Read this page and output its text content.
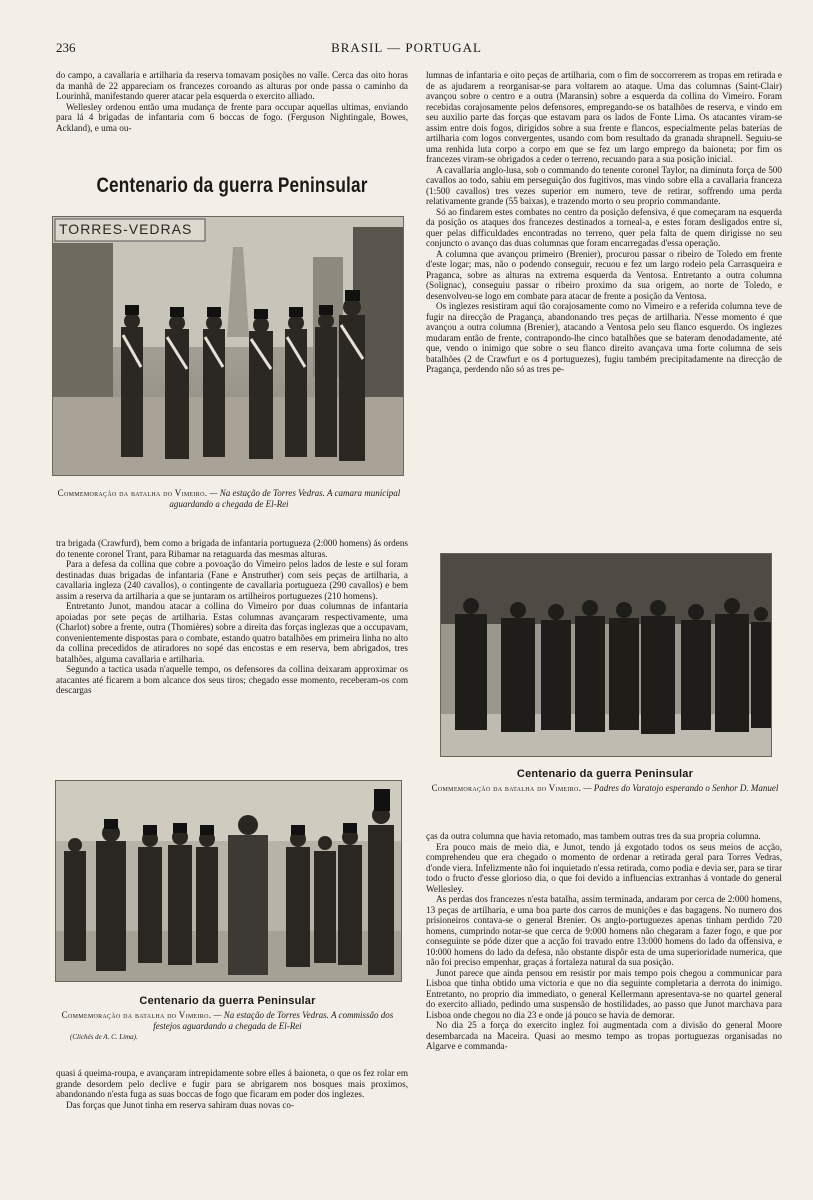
236	BRASIL — PORTUGAL

do campo, a cavallaria e artilharia da reserva tomavam posições no valle. Cerca das oito horas da manhã de 22 appareciam os francezes coroando as alturas por onde passa o caminho da Lourinhã, manifestando querer atacar pela esquerda o exercito alliado.

Wellesley ordenou então uma mudança de frente para occupar aquellas ultimas, enviando para lá 4 brigadas de infantaria com 6 boccas de fogo. (Ferguson Nightingale, Bowes, Ackland), e uma ou-

Centenario da guerra Peninsular
TORRES-VEDRAS
Commemoração da batalha do Vimeiro. — Na estação de Torres Vedras. A camara municipal aguardando a chegada de El-Rei

tra brigada (Crawfurd), bem como a brigada de infantaria portugueza (2:000 homens) ás ordens do tenente coronel Trant, para Ribamar na retaguarda das mesmas alturas.

Para a defesa da collina que cobre a povoação do Vimeiro pelos lados de leste e sul foram destinadas duas brigadas de infantaria (Fane e Anstruther) com seis peças de artilharia, a cavallaria ingleza (240 cavallos), o contingente de cavallaria portugueza (290 cavallos) e bem assim a reserva da artilharia a que se juntaram os artilheiros portuguezes (210 homens).

Entretanto Junot, mandou atacar a collina do Vimeiro por duas columnas de infantaria apoiadas por sete peças de artilharia. Estas columnas avançaram respectivamente, uma (Charlot) sobre a frente, outra (Thomières) sobre a direita das forças inglezas que a occupavam, convenientemente dispostas para o combate, estando quatro batalhões em primeira linha no alto da collina precedidos de atiradores no sopé das encostas e em reserva, bem abrigados, tres batalhões, alguma cavallaria e artilharia.

Segundo a tactica usada n'aquelle tempo, os defensores da collina deixaram approximar os atacantes até ficarem a bom alcance dos seus tiros; chegado esse momento, receberam-os com descargas

Centenario da guerra Peninsular
Commemoração da batalha do Vimeiro. — Na estação de Torres Vedras. A commissão dos festejos aguardando a chegada de El-Rei
(Clichés de A. C. Lima).

quasi á queima-roupa, e avançaram intrepidamente sobre elles á baioneta, o que os fez rolar em grande desordem pelo declive e fugir para se abrigarem nos bosques mais proximos, abandonando n'esta fuga as suas boccas de fogo que ficaram em poder dos inglezes.

Das forças que Junot tinha em reserva sahiram duas novas co-

lumnas de infantaria e oito peças de artilharia, com o fim de soccorrerem as tropas em retirada e de as ajudarem a reorganisar-se para voltarem ao ataque. Uma das columnas (Saint-Clair) avançou sobre o centro e a outra (Maransin) sobre a esquerda da collina do Vimeiro. Foram recebidas corajosamente pelos defensores, empregando-se os batalhões de reserva, e vindo em seu auxilio parte das forças que estavam para os lados de Fonte Lima. Os atacantes viram-se assim entre dois fogos, dirigidos sobre a sua frente e flancos, especialmente pelas baterias de artilharia com logos convergentes, usando com bom resultado da granada shrapnell. Seguiu-se uma renhida luta corpo a corpo em que se fez um largo emprego da baioneta; por fim os francezes viram-se obrigados a ceder o terreno, recuando para a sua posição inicial.

A cavallaria anglo-lusa, sob o commando do tenente coronel Taylor, na diminuta força de 500 cavallos ao todo, sahiu em perseguição dos fugitivos, mas vindo sobre ella a cavallaria franceza (1:500 cavallos) tres vezes superior em numero, teve de retirar, soffrendo uma perda relativamente grande (55 baixas), e trazendo morto o seu proprio commandante.

Só ao findarem estes combates no centro da posição defensiva, é que começaram na esquerda da posição os ataques dos francezes destinados a torneal-a, e estes foram desligados entre si, quer pelas difficuldades encontradas no terreno, quer pela falta de quem dirigisse no seu conjuncto o avanço das duas columnas que foram encarregadas d'essa operação.

A columna que avançou primeiro (Brenier), procurou passar o ribeiro de Toledo em frente d'este logar; mas, não o podendo conseguir, recuou e fez um largo rodeio pela Carrasqueira e Praganca, sobre as alturas na extrema esquerda da Ventosa. Entretanto a outra columna (Solignac), conseguiu passar o ribeiro proximo da sua origem, ao norte de Toledo, e desenvolveu-se logo em combate para atacar de frente a posição da Ventosa.

Os inglezes resistiram aqui tão corajosamente como no Vimeiro e a referida columna teve de fugir na direcção de Pragança, abandonando tres peças de artilharia. N'esse momento é que avançou a outra columna (Brenier), atacando a Ventosa pelo seu flanco esquerdo. Os inglezes mudaram então de frente, contrapondo-lhe cinco batalhões que se bateram denodadamente, até que, vendo o inimigo que sobre o seu flanco direito avançava uma forte columna de seis batalhões (2 de Crawfurt e os 4 portuguezes), fugiu também precipitadamente na direcção de Pragança, perdendo não só as tres pe-

Centenario da guerra Peninsular
Commemoração da batalha do Vimeiro. — Padres do Varatojo esperando o Senhor D. Manuel

ças da outra columna que havia retomado, mas tambem outras tres da sua propria columna.

Era pouco mais de meio dia, e Junot, tendo já exgotado todos os seus meios de acção, comprehendeu que era chegado o momento de ordenar a retirada geral para Torres Vedras, d'onde viera. Infelizmente não foi inquietado n'essa retirada, como podia e devia ser, para se tirar todo o fructo d'esse glorioso dia, o que foi devido a influencias extranhas á vontade do general Wellesley.

As perdas dos francezes n'esta batalha, assim terminada, andaram por cerca de 2:000 homens, 13 peças de artilharia, e uma boa parte dos carros de munições e das bagagens. No numero dos prisioneiros contava-se o general Brenier. Os anglo-portuguezes apenas tinham perdido 720 homens, cumprindo notar-se que cerca de 9:000 homens não chegaram a fazer fogo, e que por conseguinte se póde dizer que a acção foi travado entre 13:000 homens do lado da offensiva, e 10:000 homens do lado da defesa, não obstante dispôr esta de uma superioridade numerica, que não foi preciso empenhar, graças á fortaleza natural da sua posição.

Junot parece que ainda pensou em resistir por mais tempo pois chegou a communicar para Lisboa que tinha obtido uma victoria e que no dia seguinte completaria a derrota do inimigo. Entretanto, no proprio dia immediato, o general Kellermann apresentava-se no quartel general do exercito alliado, pedindo uma suspensão de hostilidades, ao passo que Junot marchava para Lisboa onde chegou no dia 23 e onde já pouco se havia de demorar.

No dia 25 a força do exercito inglez foi augmentada com a divisão do general Moore desembarcada na Maceira. Quasi ao mesmo tempo as tropas portuguezas organisadas no Algarve e commanda-
